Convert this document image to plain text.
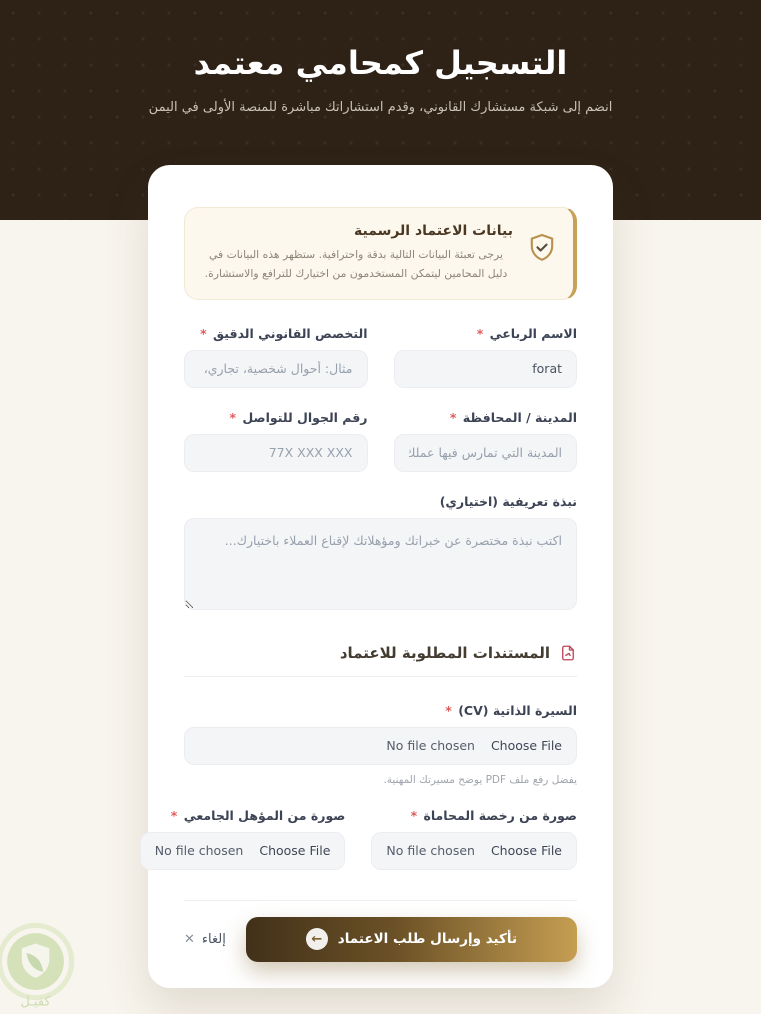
التسجيل كمحامي معتمد

انضم إلى شبكة مستشارك القانوني، وقدم استشاراتك مباشرة للمنصة الأولى في اليمن

بيانات الاعتماد الرسمية
يرجى تعبئة البيانات التالية بدقة واحترافية. ستظهر هذه البيانات في دليل المحامين ليتمكن المستخدمون من اختيارك للترافع والاستشارة.
الاسم الرباعي *
forat
التخصص القانوني الدقيق *
مثال: أحوال شخصية، تجاري، جنائي...
المدينة / المحافظة *
المدينة التي تمارس فيها عملك
رقم الجوال للتواصل *
77X XXX XXX
نبذة تعريفية (اختياري)
اكتب نبذة مختصرة عن خبراتك ومؤهلاتك لإقناع العملاء باختيارك...
المستندات المطلوبة للاعتماد
السيرة الذاتية (CV) *
Choose File
No file chosen
يفضل رفع ملف PDF يوضح مسيرتك المهنية.
صورة من رخصة المحاماة *
Choose File
No file chosen
صورة من المؤهل الجامعي *
Choose File
No file chosen
تأكيد وإرسال طلب الاعتماد
←
إلغاء
✕
كفيـل
